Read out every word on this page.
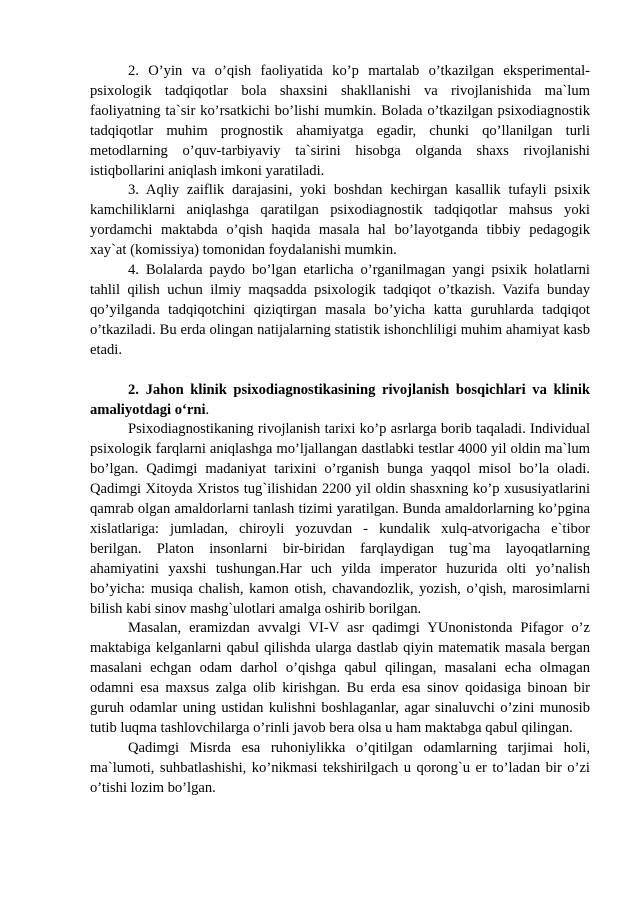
2. O’yin va o’qish faoliyatida ko’p martalab o’tkazilgan eksperimental-psixologik tadqiqotlar bola shaxsini shakllanishi va rivojlanishida ma`lum faoliyatning ta`sir ko’rsatkichi bo’lishi mumkin. Bolada o’tkazilgan psixodiagnostik tadqiqotlar muhim prognostik ahamiyatga egadir, chunki qo’llanilgan turli metodlarning o’quv-tarbiyaviy ta`sirini hisobga olganda shaxs rivojlanishi istiqbollarini aniqlash imkoni yaratiladi.

3. Aqliy zaiflik darajasini, yoki boshdan kechirgan kasallik tufayli psixik kamchiliklarni aniqlashga qaratilgan psixodiagnostik tadqiqotlar mahsus yoki yordamchi maktabda o’qish haqida masala hal bo’layotganda tibbiy pedagogik xay`at (komissiya) tomonidan foydalanishi mumkin.

4. Bolalarda paydo bo’lgan etarlicha o’rganilmagan yangi psixik holatlarni tahlil qilish uchun ilmiy maqsadda psixologik tadqiqot o’tkazish. Vazifa bunday qo’yilganda tadqiqotchini qiziqtirgan masala bo’yicha katta guruhlarda tadqiqot o’tkaziladi. Bu erda olingan natijalarning statistik ishonchliligi muhim ahamiyat kasb etadi.

2. Jahon klinik psixodiagnostikasining rivojlanish bosqichlari va klinik amaliyotdagi o‘rni.

Psixodiagnostikaning rivojlanish tarixi ko’p asrlarga borib taqaladi. Individual psixologik farqlarni aniqlashga mo’ljallangan dastlabki testlar 4000 yil oldin ma`lum bo’lgan. Qadimgi madaniyat tarixini o’rganish bunga yaqqol misol bo’la oladi. Qadimgi Xitoyda Xristos tug`ilishidan 2200 yil oldin shasxning ko’p xususiyatlarini qamrab olgan amaldorlarni tanlash tizimi yaratilgan. Bunda amaldorlarning ko’pgina xislatlariga: jumladan, chiroyli yozuvdan - kundalik xulq-atvorigacha e`tibor berilgan. Platon insonlarni bir-biridan farqlaydigan tug`ma layoqatlarning ahamiyatini yaxshi tushungan.Har uch yilda imperator huzurida olti yo’nalish bo’yicha: musiqa chalish, kamon otish, chavandozlik, yozish, o’qish, marosimlarni bilish kabi sinov mashg`ulotlari amalga oshirib borilgan.

Masalan, eramizdan avvalgi VI-V asr qadimgi YUnonistonda Pifagor o’z maktabiga kelganlarni qabul qilishda ularga dastlab qiyin matematik masala bergan masalani echgan odam darhol o’qishga qabul qilingan, masalani echa olmagan odamni esa maxsus zalga olib kirishgan. Bu erda esa sinov qoidasiga binoan bir guruh odamlar uning ustidan kulishni boshlaganlar, agar sinaluvchi o’zini munosib tutib luqma tashlovchilarga o’rinli javob bera olsa u ham maktabga qabul qilingan.

Qadimgi Misrda esa ruhoniylikka o’qitilgan odamlarning tarjimai holi, ma`lumoti, suhbatlashishi, ko’nikmasi tekshirilgach u qorong`u er to’ladan bir o’zi o’tishi lozim bo’lgan.
